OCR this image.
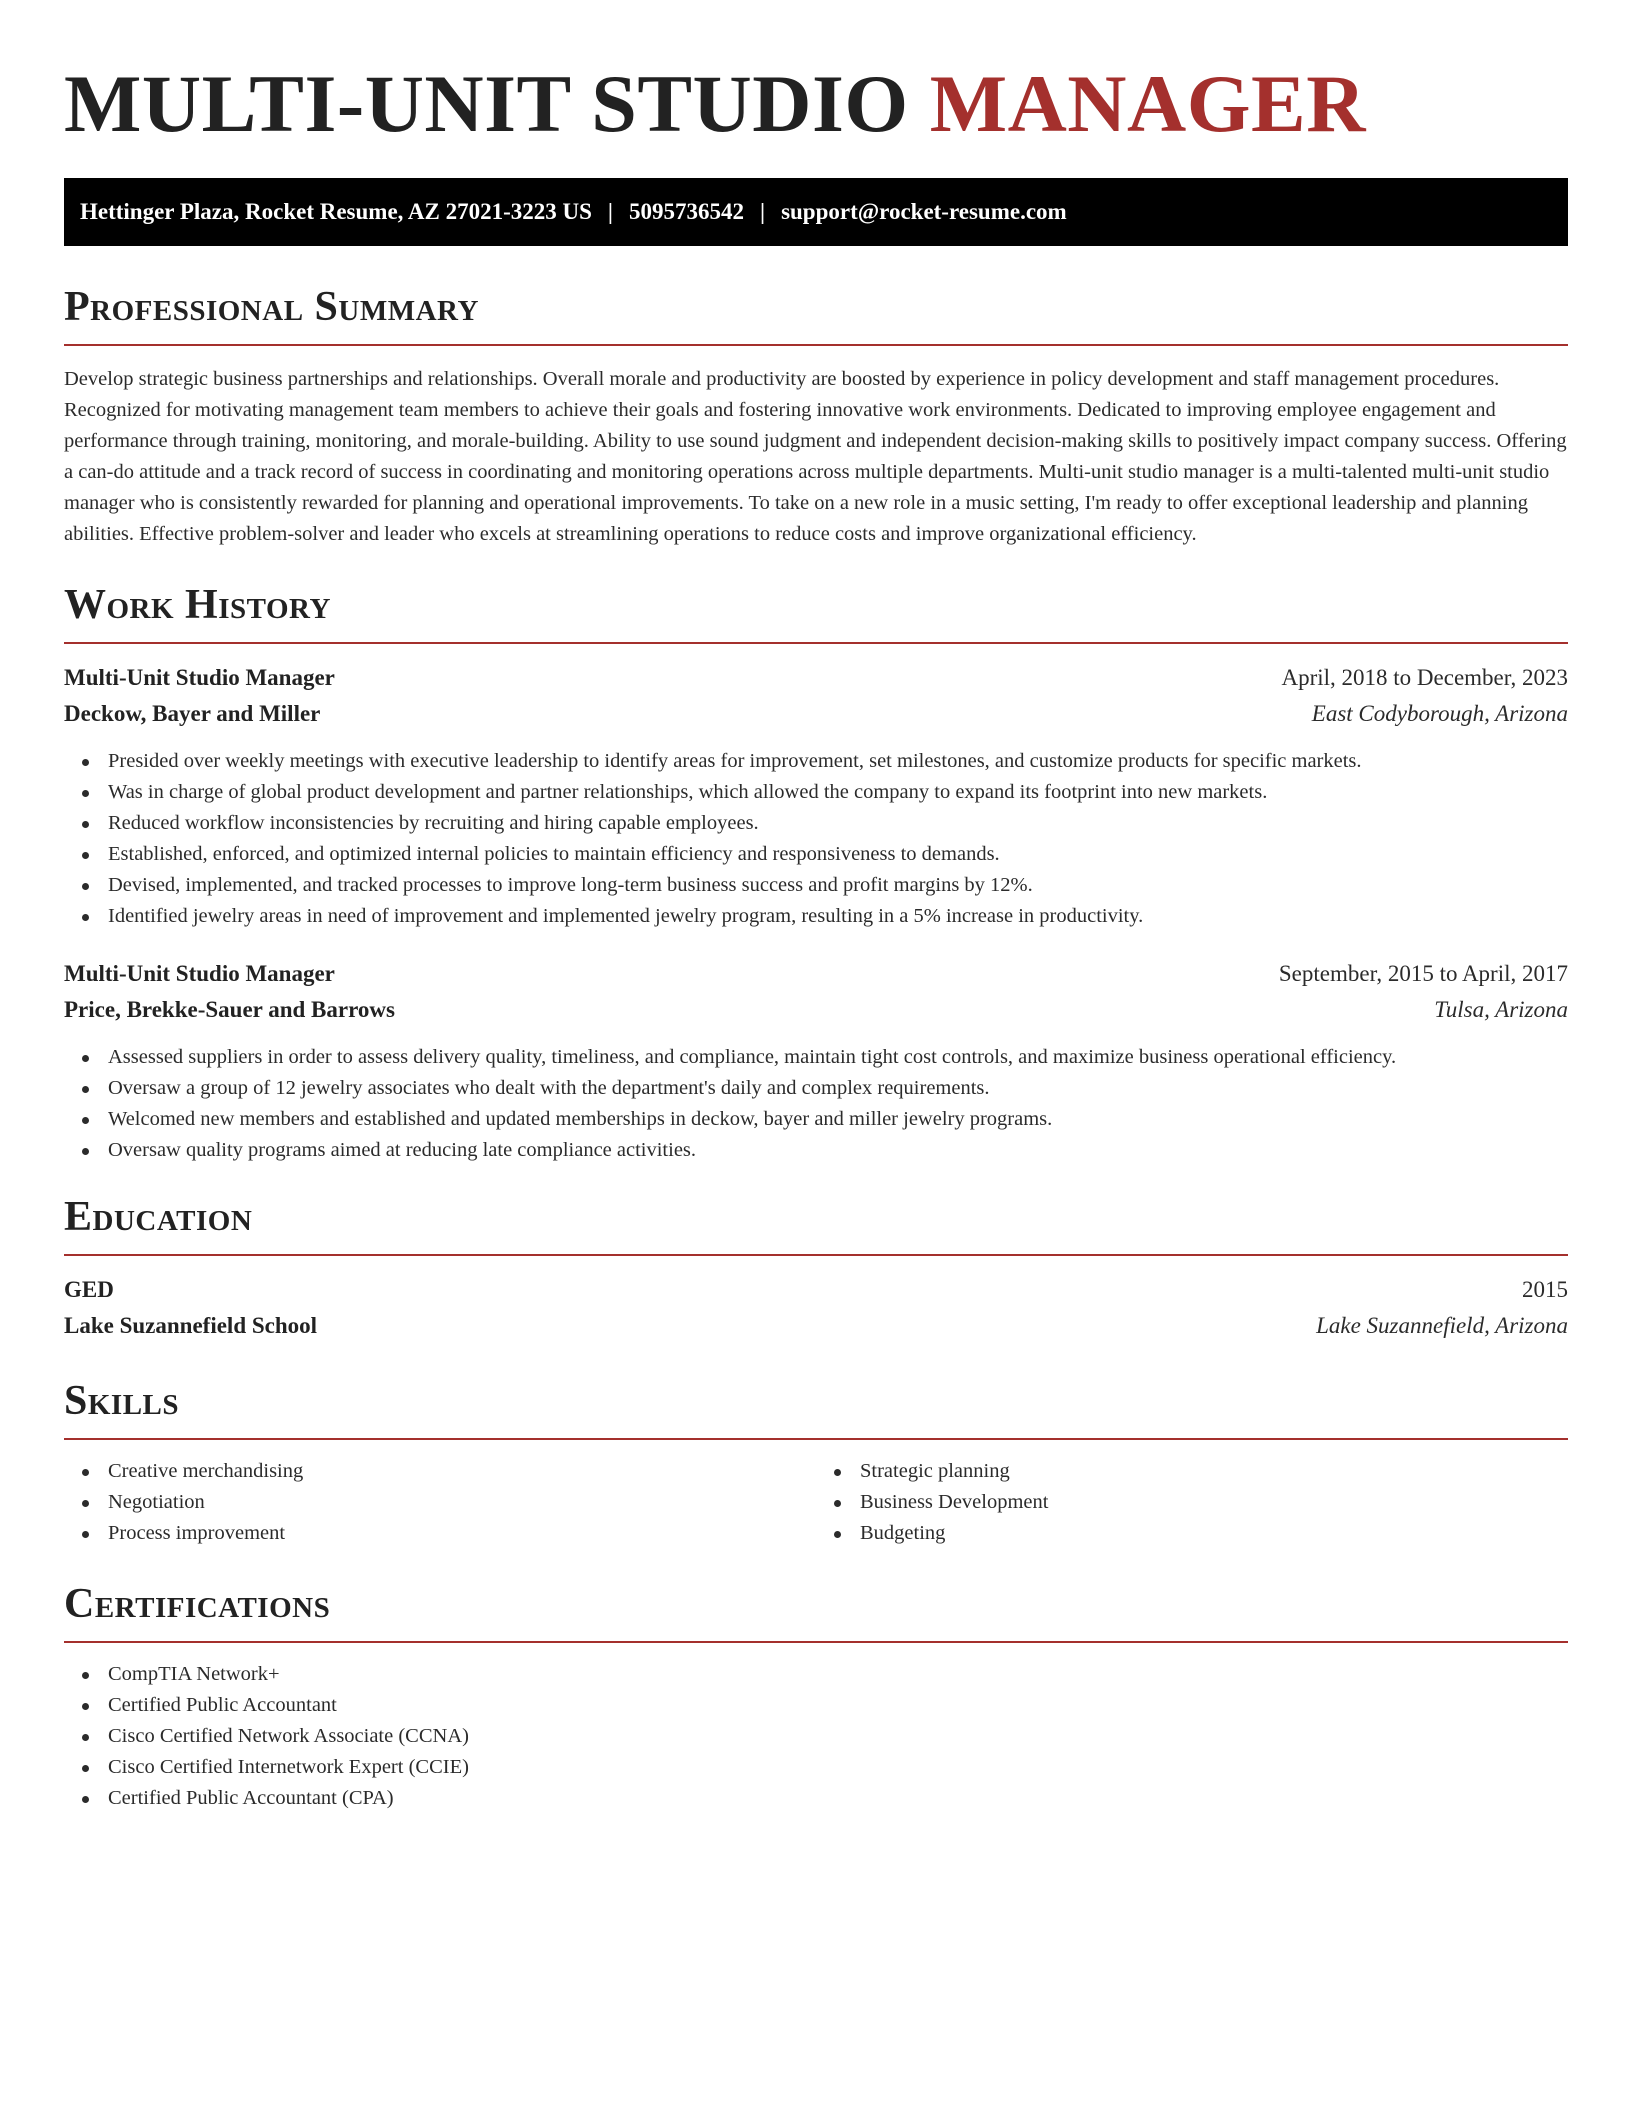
MULTI-UNIT STUDIO MANAGER
Hettinger Plaza, Rocket Resume, AZ 27021-3223 US | 5095736542 | support@rocket-resume.com
Professional Summary

Develop strategic business partnerships and relationships. Overall morale and productivity are boosted by experience in policy development and staff management procedures. Recognized for motivating management team members to achieve their goals and fostering innovative work environments. Dedicated to improving employee engagement and performance through training, monitoring, and morale-building. Ability to use sound judgment and independent decision-making skills to positively impact company success. Offering a can-do attitude and a track record of success in coordinating and monitoring operations across multiple departments. Multi-unit studio manager is a multi-talented multi-unit studio manager who is consistently rewarded for planning and operational improvements. To take on a new role in a music setting, I'm ready to offer exceptional leadership and planning abilities. Effective problem-solver and leader who excels at streamlining operations to reduce costs and improve organizational efficiency.

Work History
Multi-Unit Studio Manager	April, 2018 to December, 2023
Deckow, Bayer and Miller	East Codyborough, Arizona
Presided over weekly meetings with executive leadership to identify areas for improvement, set milestones, and customize products for specific markets.
Was in charge of global product development and partner relationships, which allowed the company to expand its footprint into new markets.
Reduced workflow inconsistencies by recruiting and hiring capable employees.
Established, enforced, and optimized internal policies to maintain efficiency and responsiveness to demands.
Devised, implemented, and tracked processes to improve long-term business success and profit margins by 12%.
Identified jewelry areas in need of improvement and implemented jewelry program, resulting in a 5% increase in productivity.
Multi-Unit Studio Manager	September, 2015 to April, 2017
Price, Brekke-Sauer and Barrows	Tulsa, Arizona
Assessed suppliers in order to assess delivery quality, timeliness, and compliance, maintain tight cost controls, and maximize business operational efficiency.
Oversaw a group of 12 jewelry associates who dealt with the department's daily and complex requirements.
Welcomed new members and established and updated memberships in deckow, bayer and miller jewelry programs.
Oversaw quality programs aimed at reducing late compliance activities.
Education
GED	2015
Lake Suzannefield School	Lake Suzannefield, Arizona
Skills
Creative merchandising
Negotiation
Process improvement
Strategic planning
Business Development
Budgeting
Certifications
CompTIA Network+
Certified Public Accountant
Cisco Certified Network Associate (CCNA)
Cisco Certified Internetwork Expert (CCIE)
Certified Public Accountant (CPA)
